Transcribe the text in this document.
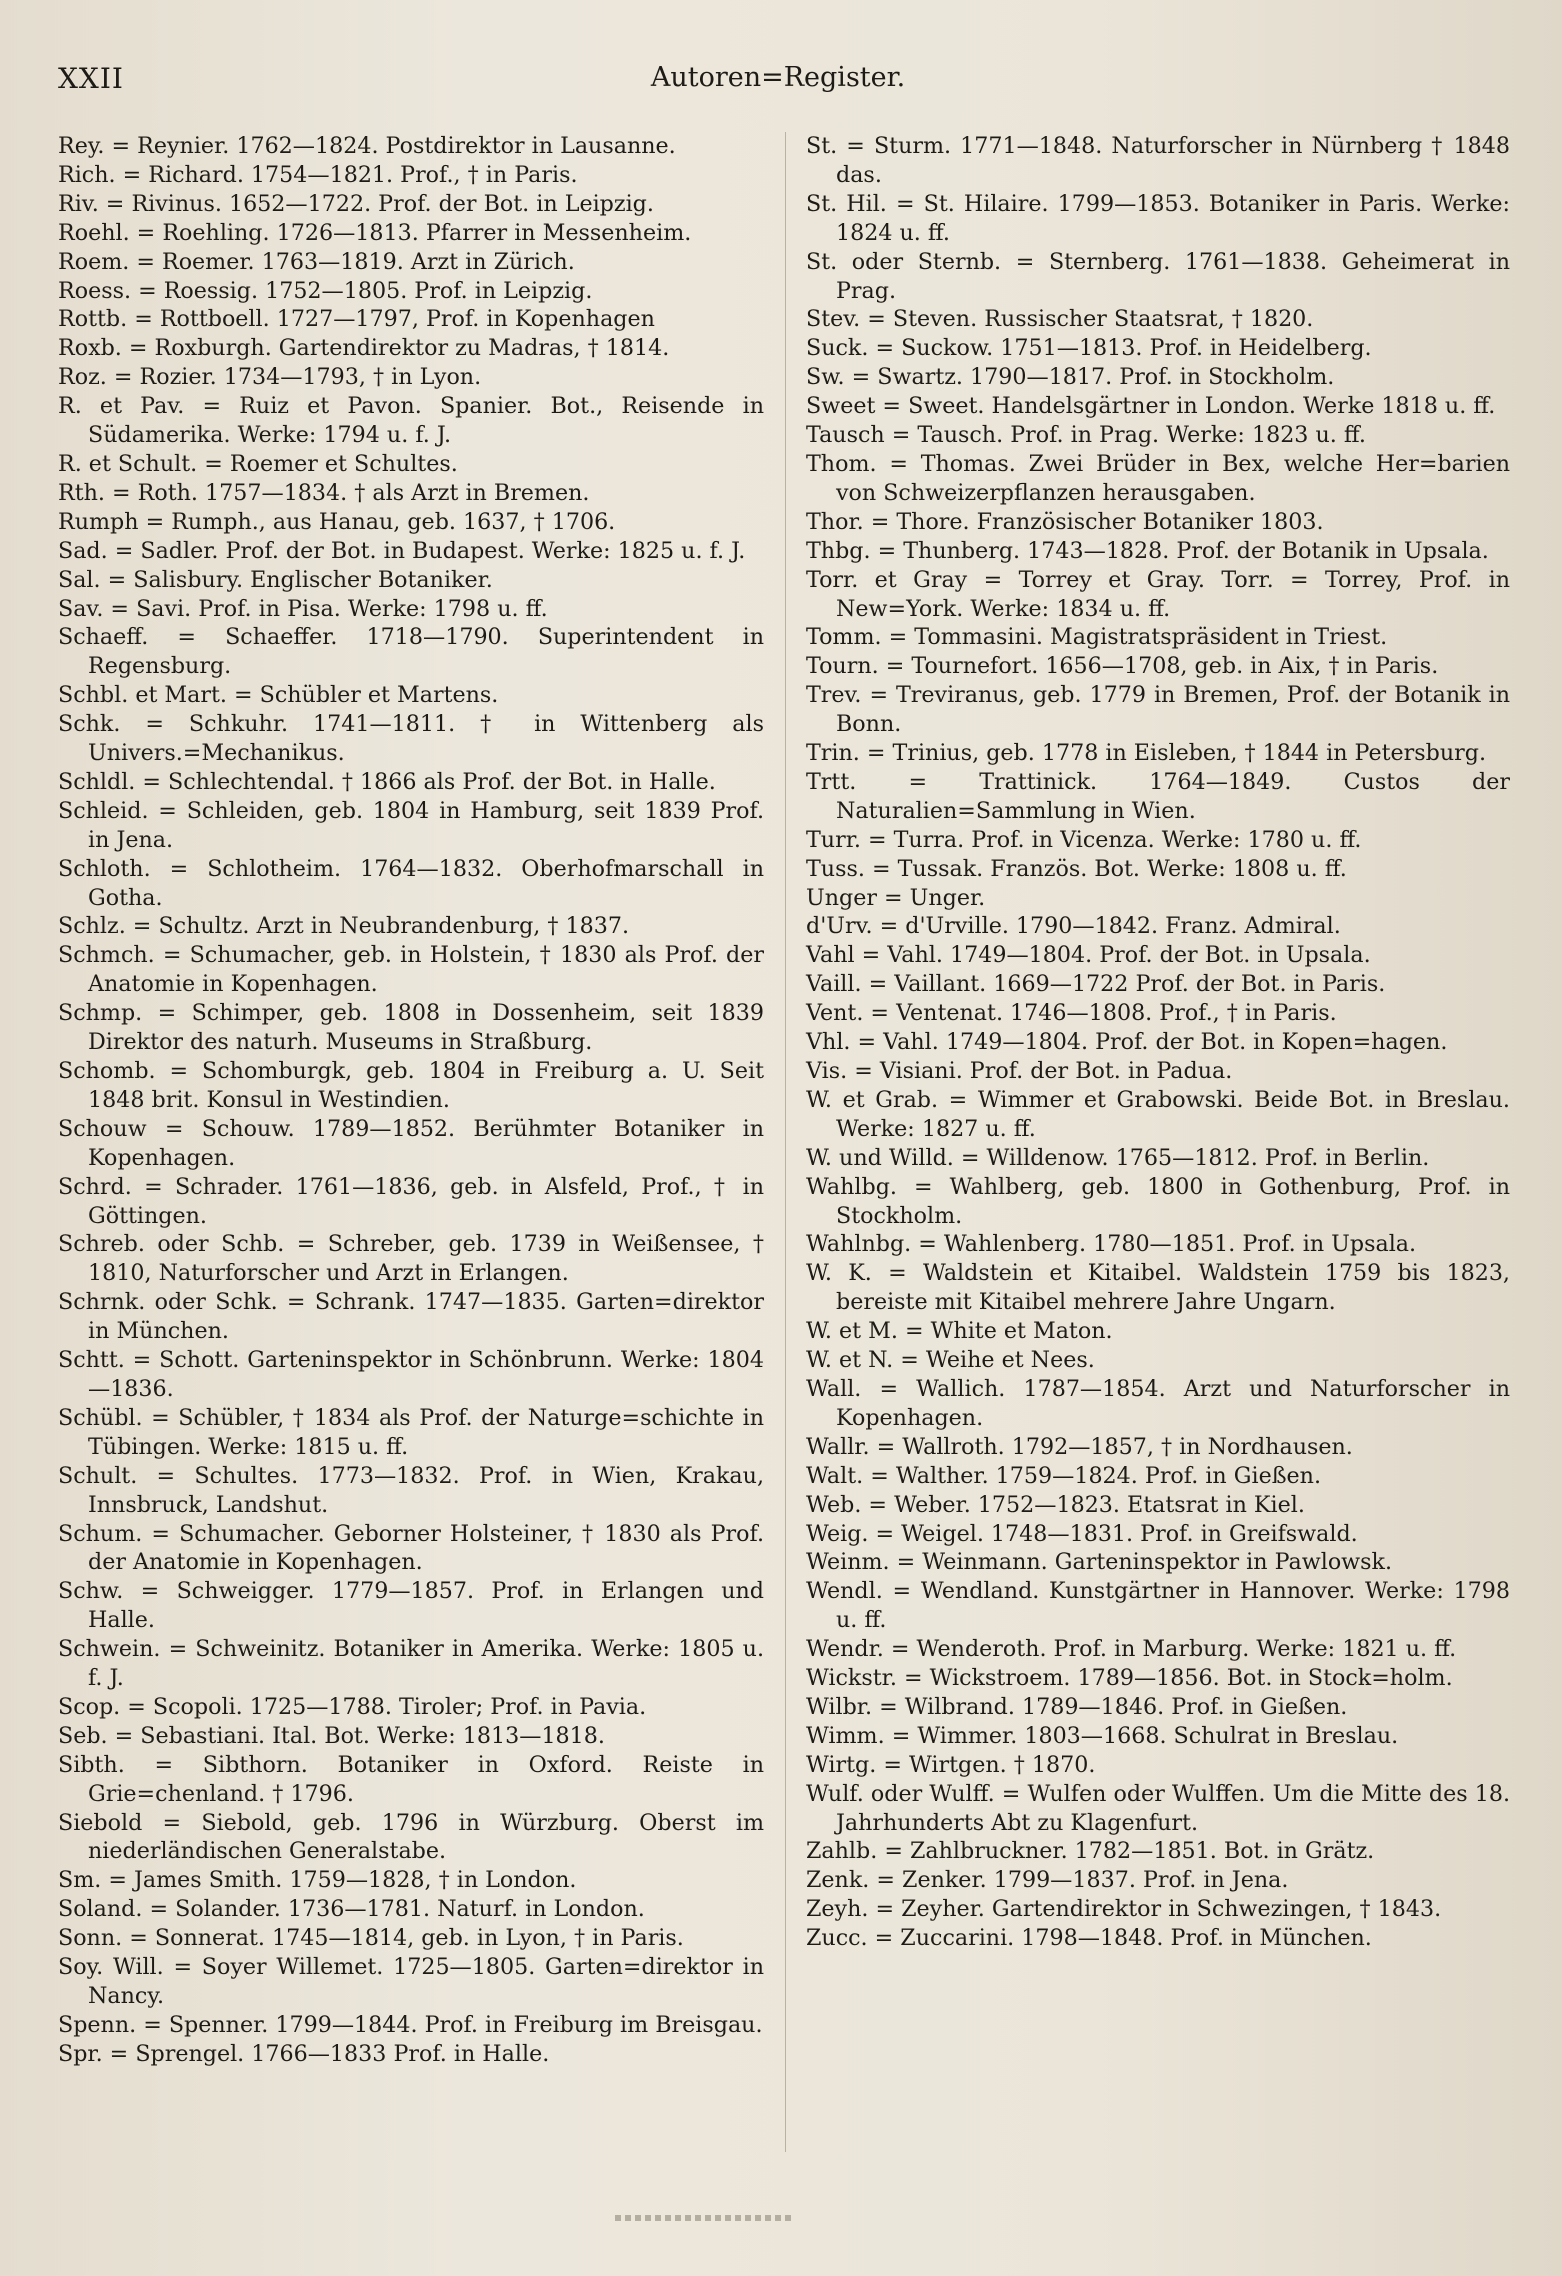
XXII	Autoren=Register.

Rey. = Reynier. 1762—1824. Postdirektor in Lausanne.

Rich. = Richard. 1754—1821. Prof., † in Paris.

Riv. = Rivinus. 1652—1722. Prof. der Bot. in Leipzig.

Roehl. = Roehling. 1726—1813. Pfarrer in Messenheim.

Roem. = Roemer. 1763—1819. Arzt in Zürich.

Roess. = Roessig. 1752—1805. Prof. in Leipzig.

Rottb. = Rottboell. 1727—1797, Prof. in Kopenhagen

Roxb. = Roxburgh. Gartendirektor zu Madras, † 1814.

Roz. = Rozier. 1734—1793, † in Lyon.

R. et Pav. = Ruiz et Pavon. Spanier. Bot., Reisende in Südamerika. Werke: 1794 u. f. J.

R. et Schult. = Roemer et Schultes.

Rth. = Roth. 1757—1834. † als Arzt in Bremen.

Rumph = Rumph., aus Hanau, geb. 1637, † 1706.

Sad. = Sadler. Prof. der Bot. in Budapest. Werke: 1825 u. f. J.

Sal. = Salisbury. Englischer Botaniker.

Sav. = Savi. Prof. in Pisa. Werke: 1798 u. ff.

Schaeff. = Schaeffer. 1718—1790. Superintendent in Regensburg.

Schbl. et Mart. = Schübler et Martens.

Schk. = Schkuhr. 1741—1811. † in Wittenberg als Univers.=Mechanikus.

Schldl. = Schlechtendal. † 1866 als Prof. der Bot. in Halle.

Schleid. = Schleiden, geb. 1804 in Hamburg, seit 1839 Prof. in Jena.

Schloth. = Schlotheim. 1764—1832. Oberhofmarschall in Gotha.

Schlz. = Schultz. Arzt in Neubrandenburg, † 1837.

Schmch. = Schumacher, geb. in Holstein, † 1830 als Prof. der Anatomie in Kopenhagen.

Schmp. = Schimper, geb. 1808 in Dossenheim, seit 1839 Direktor des naturh. Museums in Straßburg.

Schomb. = Schomburgk, geb. 1804 in Freiburg a. U. Seit 1848 brit. Konsul in Westindien.

Schouw = Schouw. 1789—1852. Berühmter Botaniker in Kopenhagen.

Schrd. = Schrader. 1761—1836, geb. in Alsfeld, Prof., † in Göttingen.

Schreb. oder Schb. = Schreber, geb. 1739 in Weißensee, † 1810, Naturforscher und Arzt in Erlangen.

Schrnk. oder Schk. = Schrank. 1747—1835. Garten=direktor in München.

Schtt. = Schott. Garteninspektor in Schönbrunn. Werke: 1804—1836.

Schübl. = Schübler, † 1834 als Prof. der Naturge=schichte in Tübingen. Werke: 1815 u. ff.

Schult. = Schultes. 1773—1832. Prof. in Wien, Krakau, Innsbruck, Landshut.

Schum. = Schumacher. Geborner Holsteiner, † 1830 als Prof. der Anatomie in Kopenhagen.

Schw. = Schweigger. 1779—1857. Prof. in Erlangen und Halle.

Schwein. = Schweinitz. Botaniker in Amerika. Werke: 1805 u. f. J.

Scop. = Scopoli. 1725—1788. Tiroler; Prof. in Pavia.

Seb. = Sebastiani. Ital. Bot. Werke: 1813—1818.

Sibth. = Sibthorn. Botaniker in Oxford. Reiste in Grie=chenland. † 1796.

Siebold = Siebold, geb. 1796 in Würzburg. Oberst im niederländischen Generalstabe.

Sm. = James Smith. 1759—1828, † in London.

Soland. = Solander. 1736—1781. Naturf. in London.

Sonn. = Sonnerat. 1745—1814, geb. in Lyon, † in Paris.

Soy. Will. = Soyer Willemet. 1725—1805. Garten=direktor in Nancy.

Spenn. = Spenner. 1799—1844. Prof. in Freiburg im Breisgau.

Spr. = Sprengel. 1766—1833 Prof. in Halle.

St. = Sturm. 1771—1848. Naturforscher in Nürnberg † 1848 das.

St. Hil. = St. Hilaire. 1799—1853. Botaniker in Paris. Werke: 1824 u. ff.

St. oder Sternb. = Sternberg. 1761—1838. Geheimerat in Prag.

Stev. = Steven. Russischer Staatsrat, † 1820.

Suck. = Suckow. 1751—1813. Prof. in Heidelberg.

Sw. = Swartz. 1790—1817. Prof. in Stockholm.

Sweet = Sweet. Handelsgärtner in London. Werke 1818 u. ff.

Tausch = Tausch. Prof. in Prag. Werke: 1823 u. ff.

Thom. = Thomas. Zwei Brüder in Bex, welche Her=barien von Schweizerpflanzen herausgaben.

Thor. = Thore. Französischer Botaniker 1803.

Thbg. = Thunberg. 1743—1828. Prof. der Botanik in Upsala.

Torr. et Gray = Torrey et Gray. Torr. = Torrey, Prof. in New=York. Werke: 1834 u. ff.

Tomm. = Tommasini. Magistratspräsident in Triest.

Tourn. = Tournefort. 1656—1708, geb. in Aix, † in Paris.

Trev. = Treviranus, geb. 1779 in Bremen, Prof. der Botanik in Bonn.

Trin. = Trinius, geb. 1778 in Eisleben, † 1844 in Petersburg.

Trtt. = Trattinick. 1764—1849. Custos der Naturalien=Sammlung in Wien.

Turr. = Turra. Prof. in Vicenza. Werke: 1780 u. ff.

Tuss. = Tussak. Französ. Bot. Werke: 1808 u. ff.

Unger = Unger.

d'Urv. = d'Urville. 1790—1842. Franz. Admiral.

Vahl = Vahl. 1749—1804. Prof. der Bot. in Upsala.

Vaill. = Vaillant. 1669—1722 Prof. der Bot. in Paris.

Vent. = Ventenat. 1746—1808. Prof., † in Paris.

Vhl. = Vahl. 1749—1804. Prof. der Bot. in Kopen=hagen.

Vis. = Visiani. Prof. der Bot. in Padua.

W. et Grab. = Wimmer et Grabowski. Beide Bot. in Breslau. Werke: 1827 u. ff.

W. und Willd. = Willdenow. 1765—1812. Prof. in Berlin.

Wahlbg. = Wahlberg, geb. 1800 in Gothenburg, Prof. in Stockholm.

Wahlnbg. = Wahlenberg. 1780—1851. Prof. in Upsala.

W. K. = Waldstein et Kitaibel. Waldstein 1759 bis 1823, bereiste mit Kitaibel mehrere Jahre Ungarn.

W. et M. = White et Maton.

W. et N. = Weihe et Nees.

Wall. = Wallich. 1787—1854. Arzt und Naturforscher in Kopenhagen.

Wallr. = Wallroth. 1792—1857, † in Nordhausen.

Walt. = Walther. 1759—1824. Prof. in Gießen.

Web. = Weber. 1752—1823. Etatsrat in Kiel.

Weig. = Weigel. 1748—1831. Prof. in Greifswald.

Weinm. = Weinmann. Garteninspektor in Pawlowsk.

Wendl. = Wendland. Kunstgärtner in Hannover. Werke: 1798 u. ff.

Wendr. = Wenderoth. Prof. in Marburg. Werke: 1821 u. ff.

Wickstr. = Wickstroem. 1789—1856. Bot. in Stock=holm.

Wilbr. = Wilbrand. 1789—1846. Prof. in Gießen.

Wimm. = Wimmer. 1803—1668. Schulrat in Breslau.

Wirtg. = Wirtgen. † 1870.

Wulf. oder Wulff. = Wulfen oder Wulffen. Um die Mitte des 18. Jahrhunderts Abt zu Klagenfurt.

Zahlb. = Zahlbruckner. 1782—1851. Bot. in Grätz.

Zenk. = Zenker. 1799—1837. Prof. in Jena.

Zeyh. = Zeyher. Gartendirektor in Schwezingen, † 1843.

Zucc. = Zuccarini. 1798—1848. Prof. in München.
